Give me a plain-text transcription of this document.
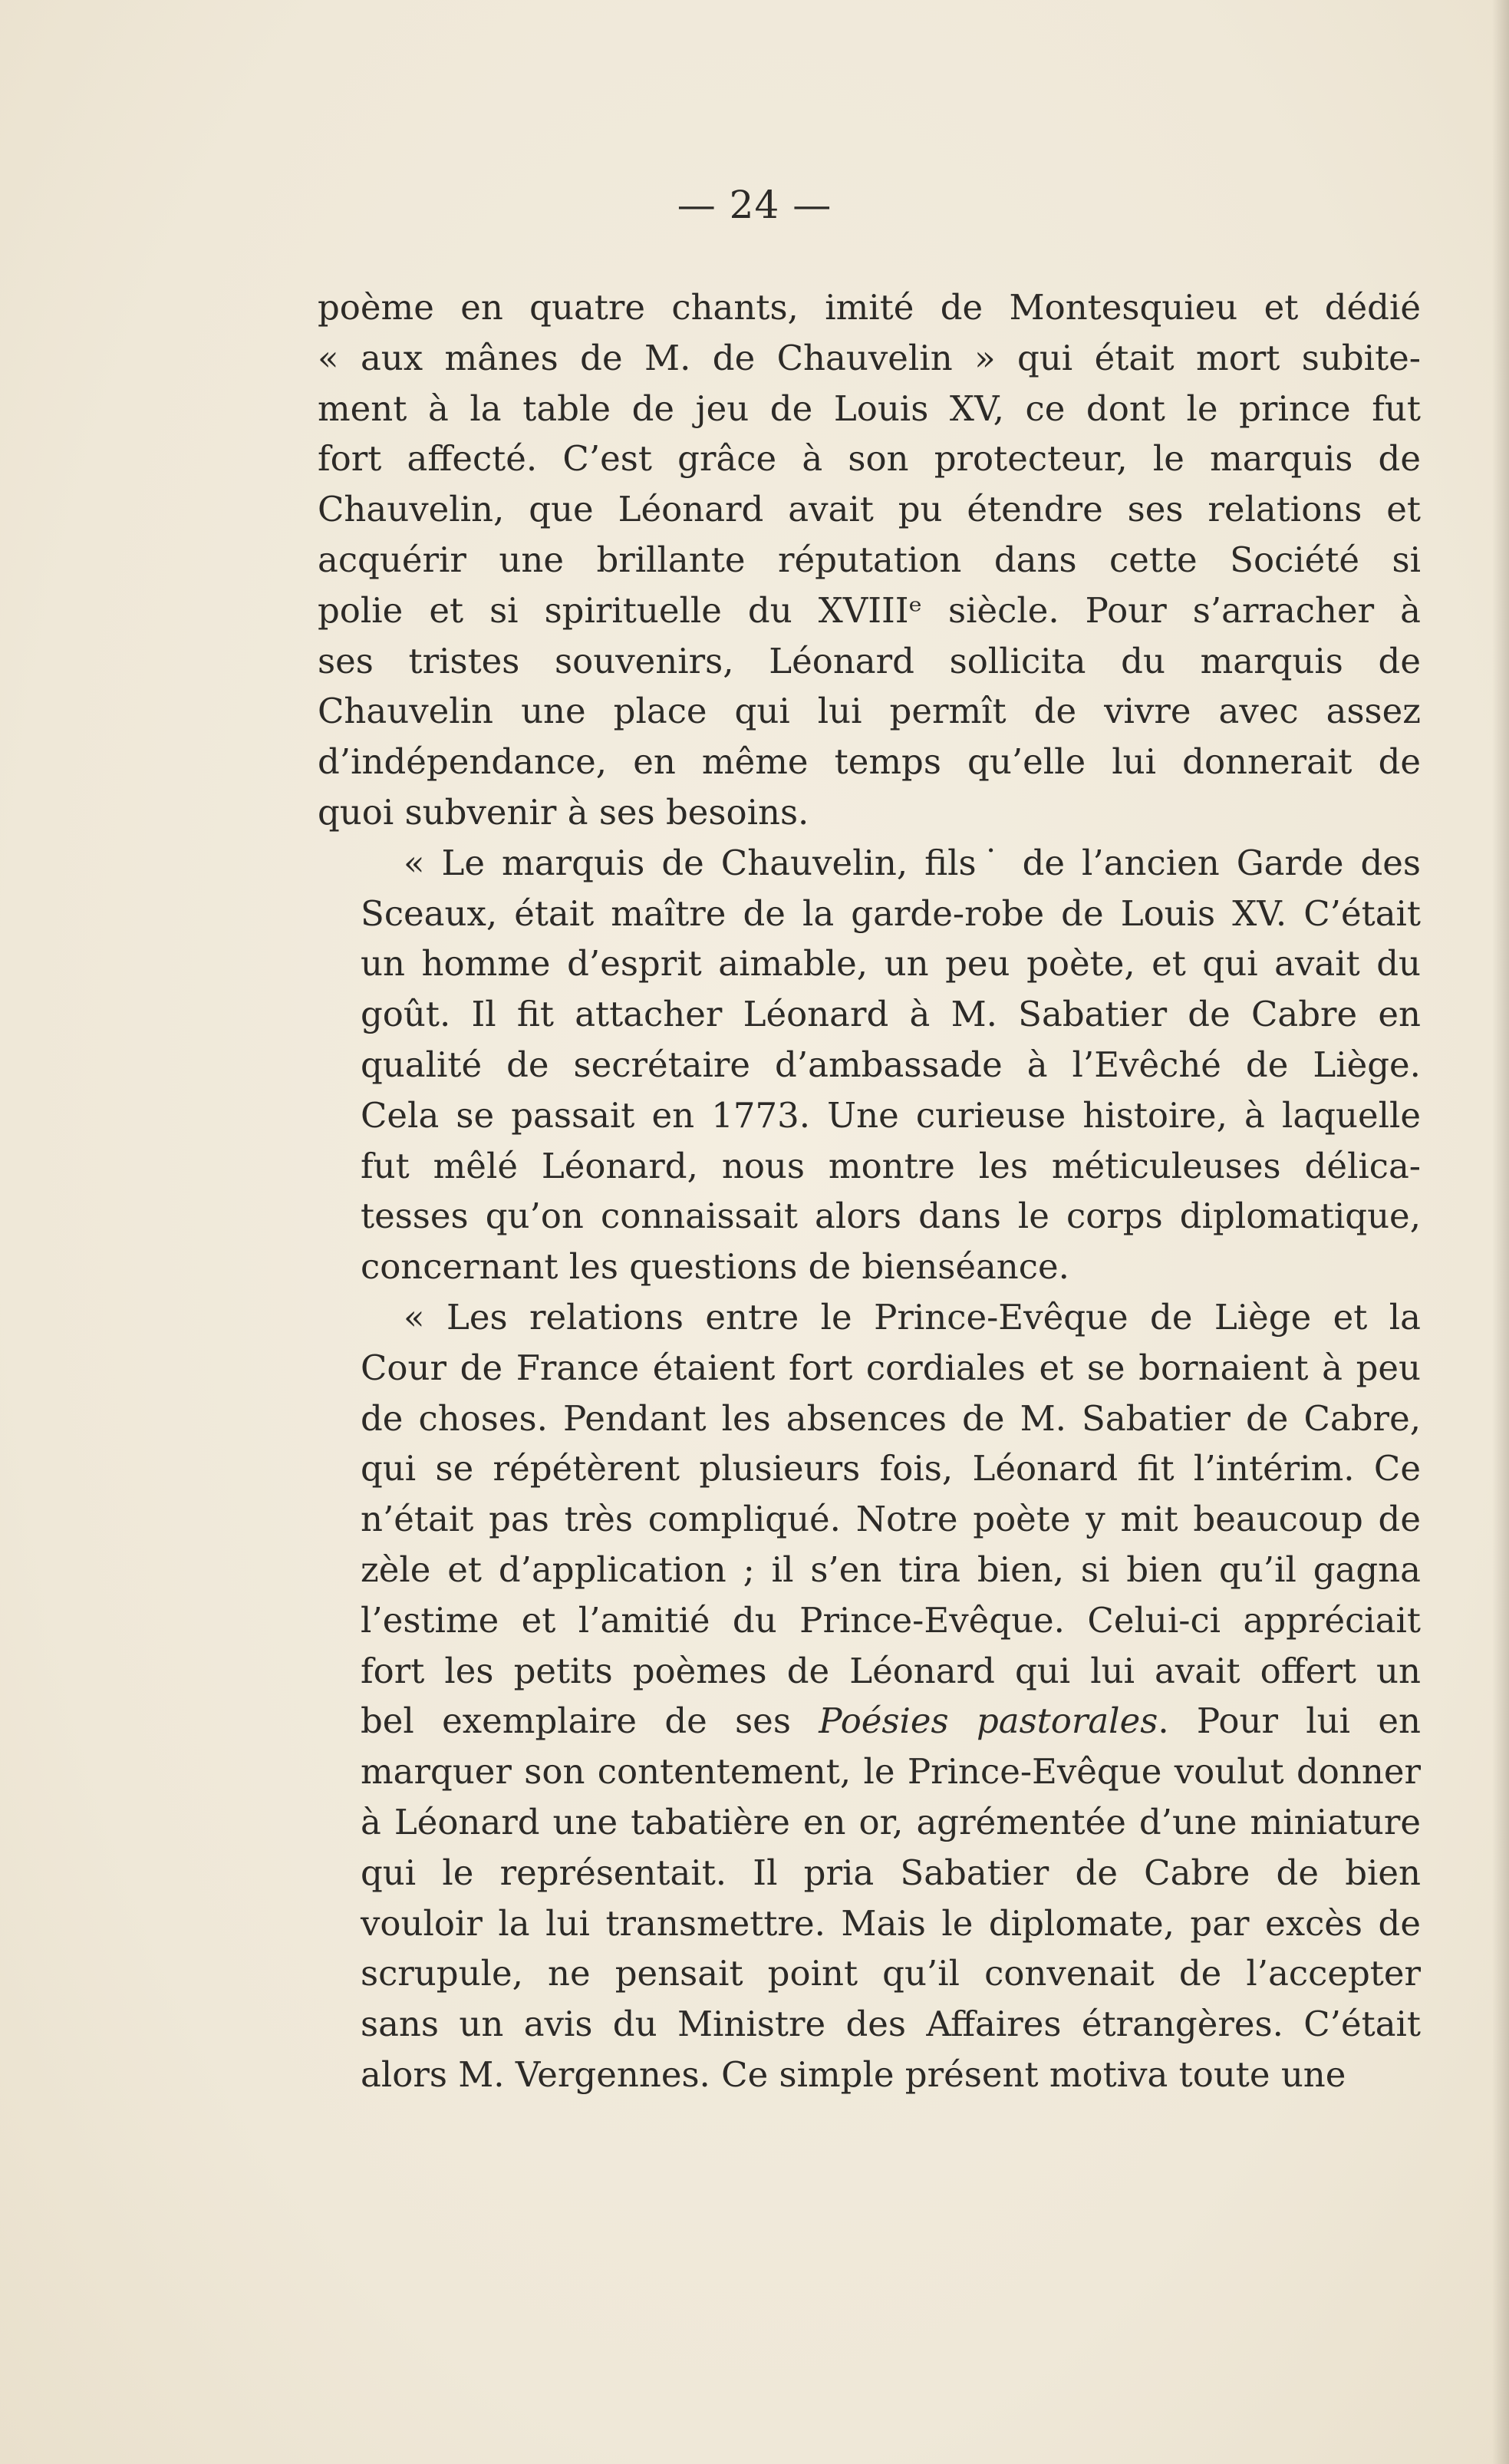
— 24 —
poème en quatre chants, imité de Montesquieu et dédié
« aux mânes de M. de Chauvelin » qui était mort subite-
ment à la table de jeu de Louis XV, ce dont le prince fut
fort affecté. C’est grâce à son protecteur, le marquis de
Chauvelin, que Léonard avait pu étendre ses relations et
acquérir une brillante réputation dans cette Société si
polie et si spirituelle du XVIIIᵉ siècle. Pour s’arracher à
ses tristes souvenirs, Léonard sollicita du marquis de
Chauvelin une place qui lui permît de vivre avec assez
d’indépendance, en même temps qu’elle lui donnerait de
quoi subvenir à ses besoins.
« Le marquis de Chauvelin, fils˙ de l’ancien Garde des
Sceaux, était maître de la garde-robe de Louis XV. C’était
un homme d’esprit aimable, un peu poète, et qui avait du
goût. Il fit attacher Léonard à M. Sabatier de Cabre en
qualité de secrétaire d’ambassade à l’Evêché de Liège.
Cela se passait en 1773. Une curieuse histoire, à laquelle
fut mêlé Léonard, nous montre les méticuleuses délica-
tesses qu’on connaissait alors dans le corps diplomatique,
concernant les questions de bienséance.
« Les relations entre le Prince-Evêque de Liège et la
Cour de France étaient fort cordiales et se bornaient à peu
de choses. Pendant les absences de M. Sabatier de Cabre,
qui se répétèrent plusieurs fois, Léonard fit l’intérim. Ce
n’était pas très compliqué. Notre poète y mit beaucoup de
zèle et d’application ; il s’en tira bien, si bien qu’il gagna
l’estime et l’amitié du Prince-Evêque. Celui-ci appréciait
fort les petits poèmes de Léonard qui lui avait offert un
bel exemplaire de ses Poésies pastorales. Pour lui en
marquer son contentement, le Prince-Evêque voulut donner
à Léonard une tabatière en or, agrémentée d’une miniature
qui le représentait. Il pria Sabatier de Cabre de bien
vouloir la lui transmettre. Mais le diplomate, par excès de
scrupule, ne pensait point qu’il convenait de l’accepter
sans un avis du Ministre des Affaires étrangères. C’était
alors M. Vergennes. Ce simple présent motiva toute une
